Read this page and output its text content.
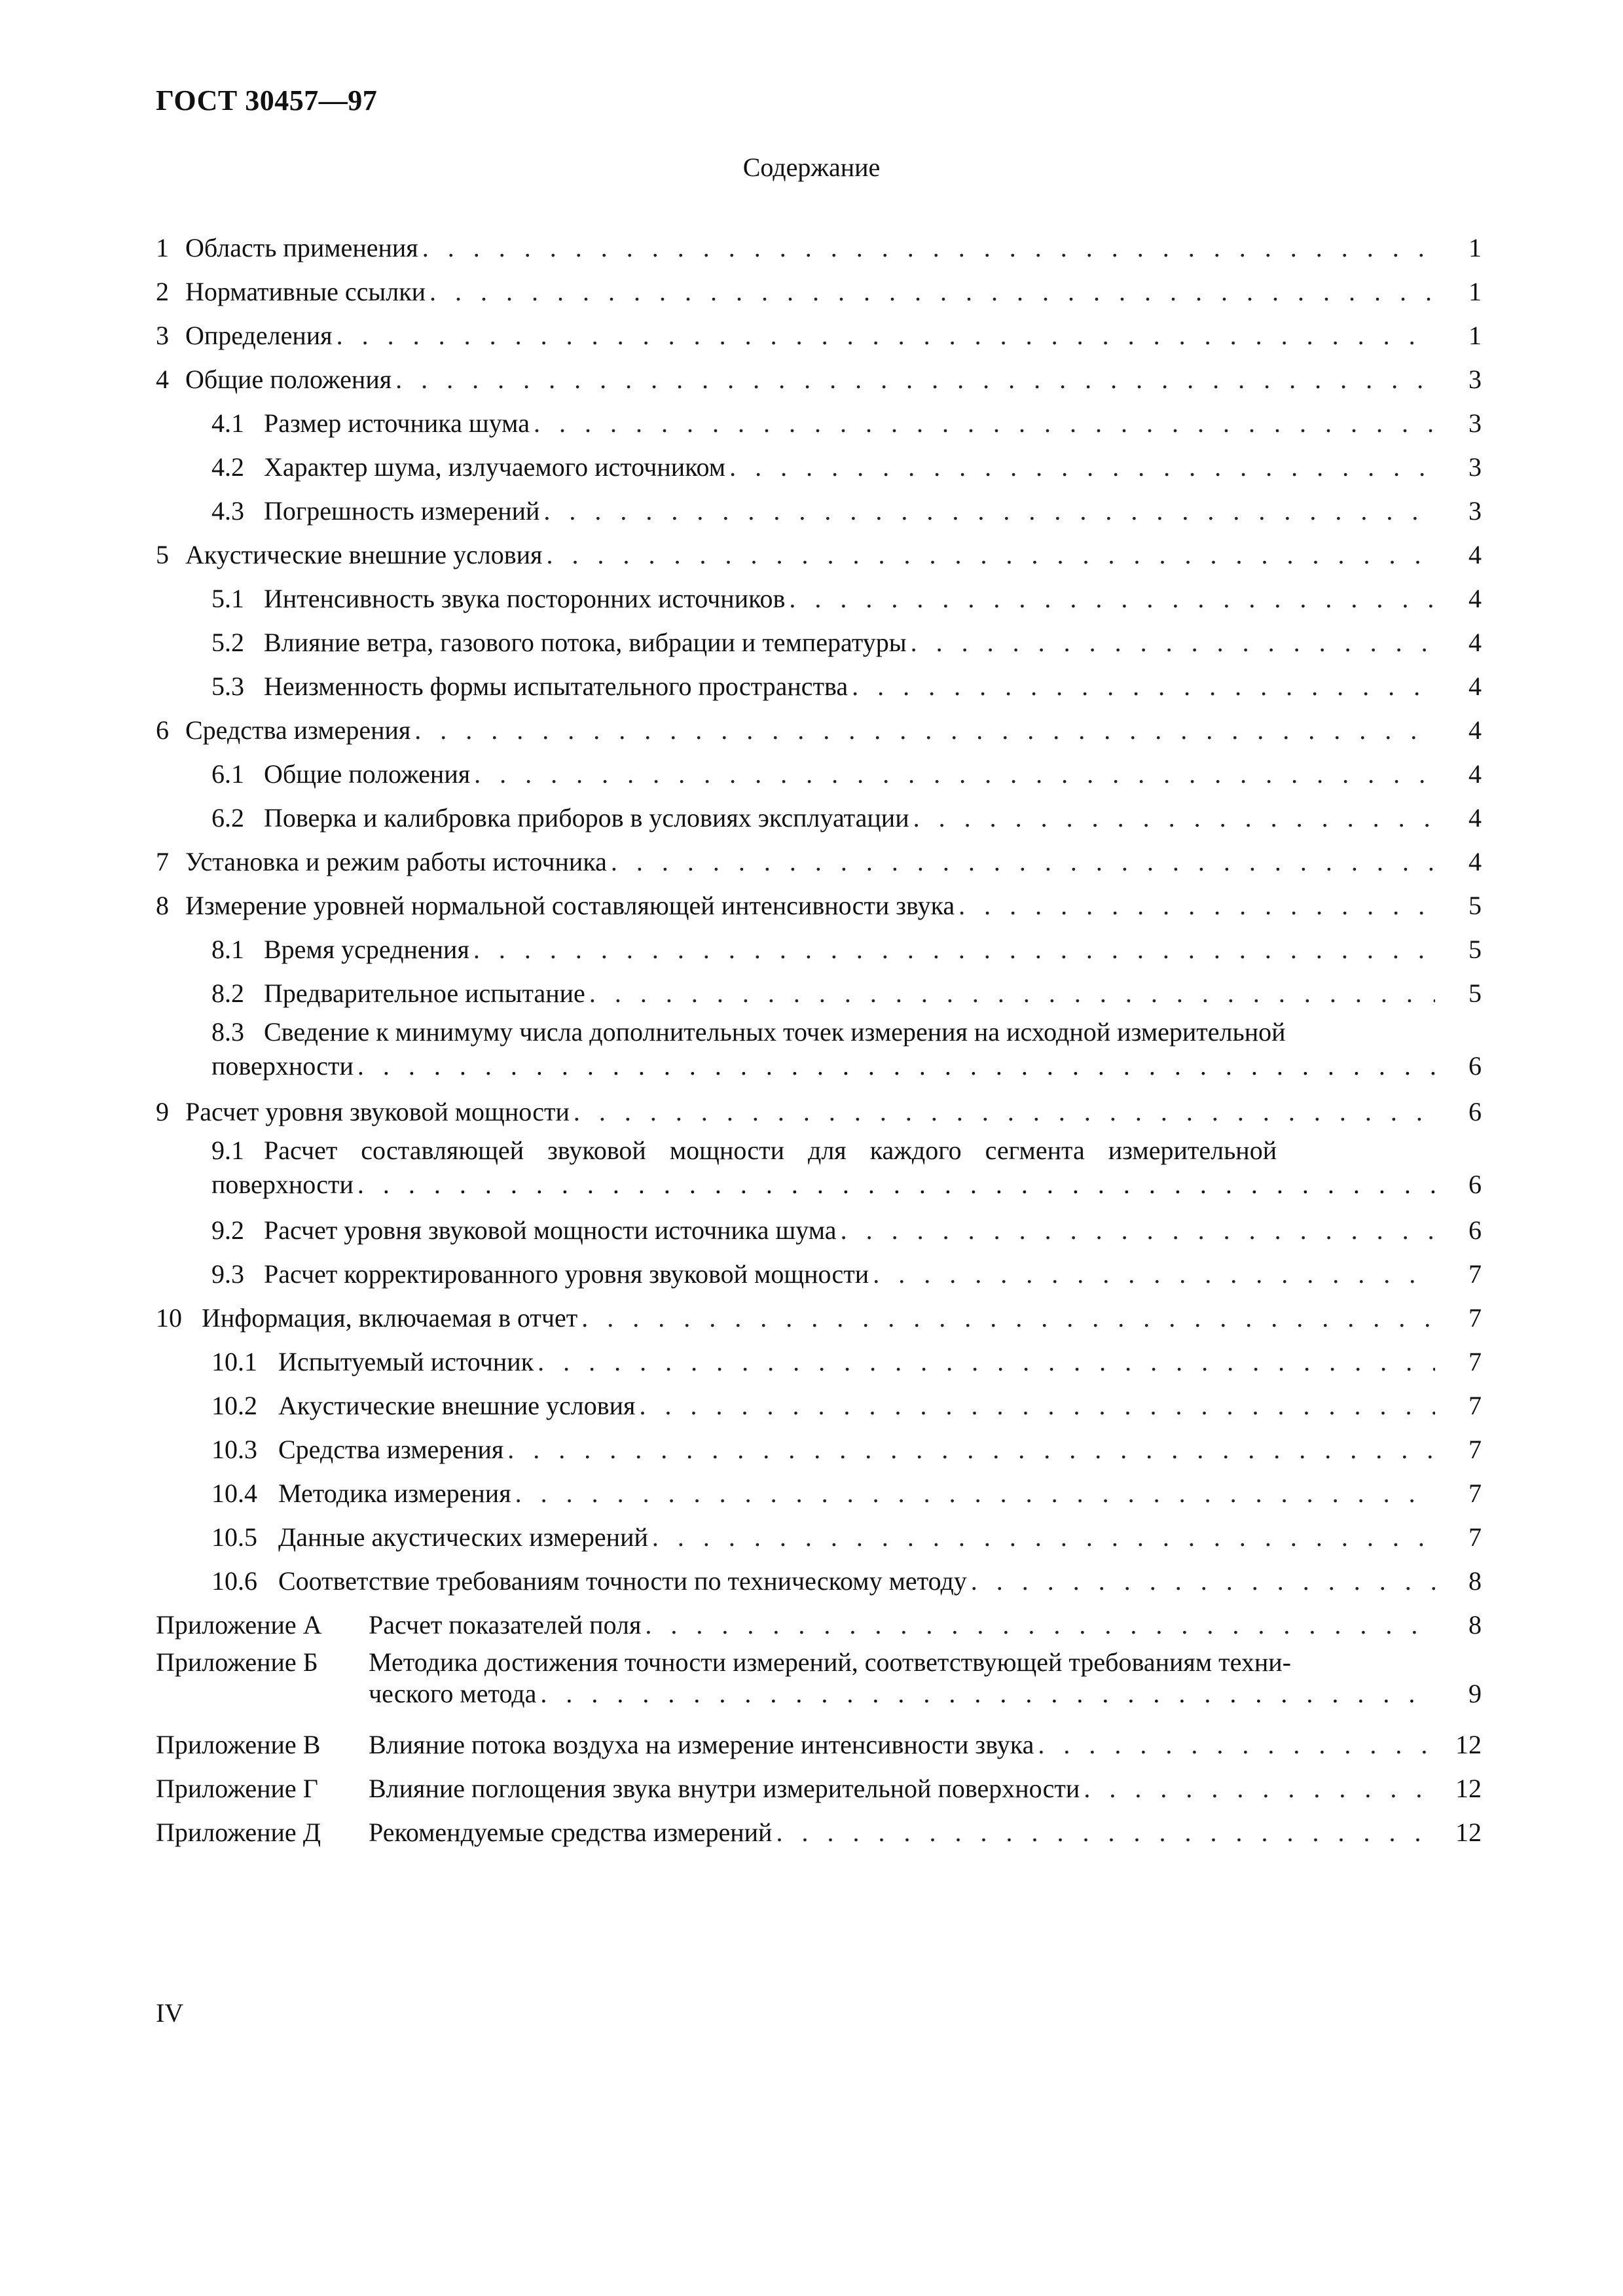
ГОСТ 30457—97
Содержание
1 Область применения . . .	1
2 Нормативные ссылки . . .	1
3 Определения . . .	1
4 Общие положения . . .	3
4.1 Размер источника шума . . .	3
4.2 Характер шума, излучаемого источником . . .	3
4.3 Погрешность измерений . . .	3
5 Акустические внешние условия . . .	4
5.1 Интенсивность звука посторонних источников . . .	4
5.2 Влияние ветра, газового потока, вибрации и температуры . . .	4
5.3 Неизменность формы испытательного пространства . . .	4
6 Средства измерения . . .	4
6.1 Общие положения . . .	4
6.2 Поверка и калибровка приборов в условиях эксплуатации . . .	4
7 Установка и режим работы источника . . .	4
8 Измерение уровней нормальной составляющей интенсивности звука . . .	5
8.1 Время усреднения . . .	5
8.2 Предварительное испытание . . .	5
8.3 Сведение к минимуму числа дополнительных точек измерения на исходной измерительной
поверхности . . .	6
9 Расчет уровня звуковой мощности . . .	6
9.1 Расчет составляющей звуковой мощности для каждого сегмента измерительной
поверхности . . .	6
9.2 Расчет уровня звуковой мощности источника шума . . .	6
9.3 Расчет корректированного уровня звуковой мощности . . .	7
10 Информация, включаемая в отчет . . .	7
10.1 Испытуемый источник . . .	7
10.2 Акустические внешние условия . . .	7
10.3 Средства измерения . . .	7
10.4 Методика измерения . . .	7
10.5 Данные акустических измерений . . .	7
10.6 Соответствие требованиям точности по техническому методу . . .	8
Приложение А Расчет показателей поля . . .	8
Приложение Б Методика достижения точности измерений, соответствующей требованиям техни-
ческого метода . . .	9
Приложение В Влияние потока воздуха на измерение интенсивности звука . . .	12
Приложение Г Влияние поглощения звука внутри измерительной поверхности . . .	12
Приложение Д Рекомендуемые средства измерений . . .	12
IV
